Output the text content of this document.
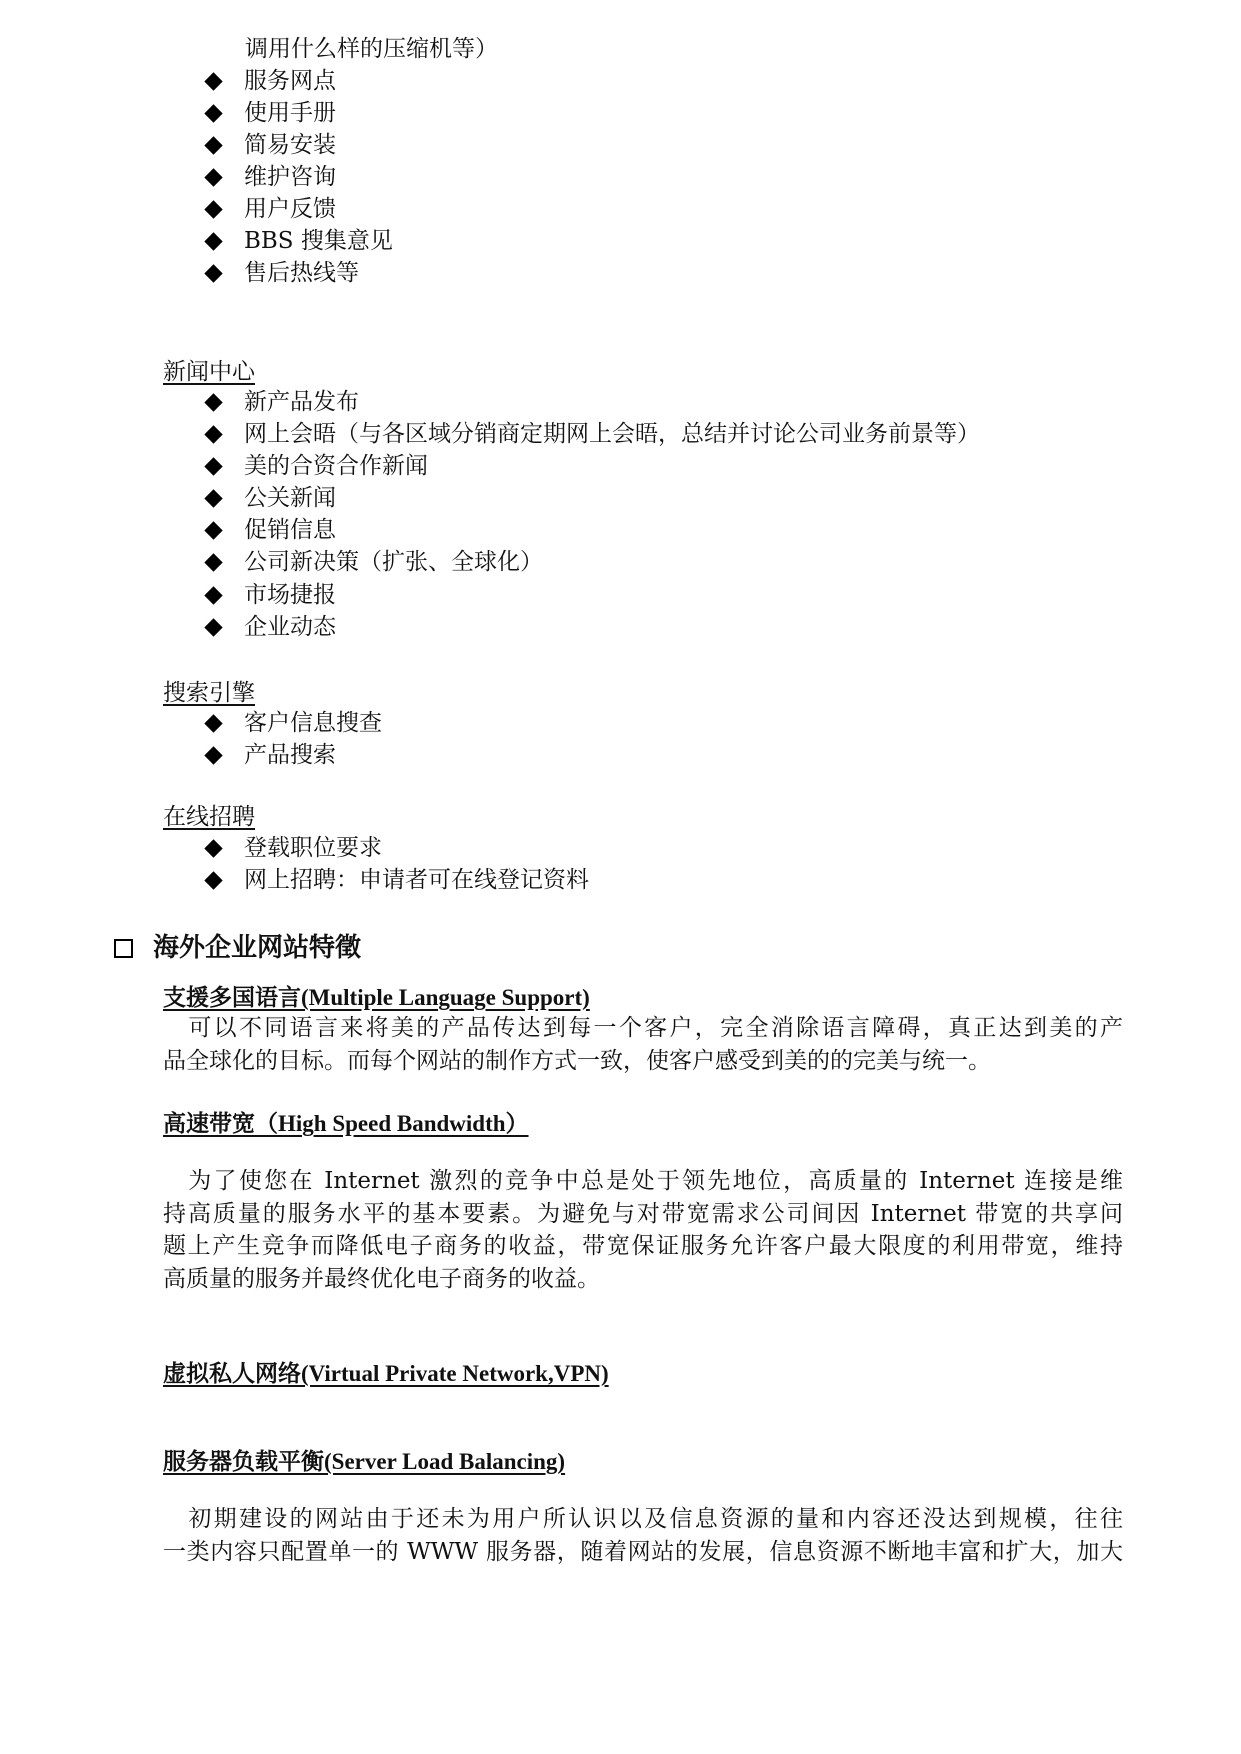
调用什么样的压缩机等）
服务网点
使用手册
简易安装
维护咨询
用户反馈
BBS 搜集意见
售后热线等
新闻中心
新产品发布
网上会晤（与各区域分销商定期网上会晤，总结并讨论公司业务前景等）
美的合资合作新闻
公关新闻
促销信息
公司新决策（扩张、全球化）
市场捷报
企业动态
搜索引擎
客户信息搜查
产品搜索
在线招聘
登载职位要求
网上招聘：申请者可在线登记资料
海外企业网站特徵
支援多国语言(Multiple Language Support)
　可以不同语言来将美的产品传达到每一个客户，完全消除语言障碍，真正达到美的产
品全球化的目标。而每个网站的制作方式一致，使客户感受到美的的完美与统一。
高速带宽（High Speed Bandwidth）
　为了使您在 Internet 激烈的竞争中总是处于领先地位，高质量的 Internet 连接是维
持高质量的服务水平的基本要素。为避免与对带宽需求公司间因 Internet 带宽的共享问
题上产生竞争而降低电子商务的收益，带宽保证服务允许客户最大限度的利用带宽，维持
高质量的服务并最终优化电子商务的收益。
虚拟私人网络(Virtual Private Network,VPN)
服务器负载平衡(Server Load Balancing)
　初期建设的网站由于还未为用户所认识以及信息资源的量和内容还没达到规模，往往
一类内容只配置单一的 WWW 服务器，随着网站的发展，信息资源不断地丰富和扩大，加大
